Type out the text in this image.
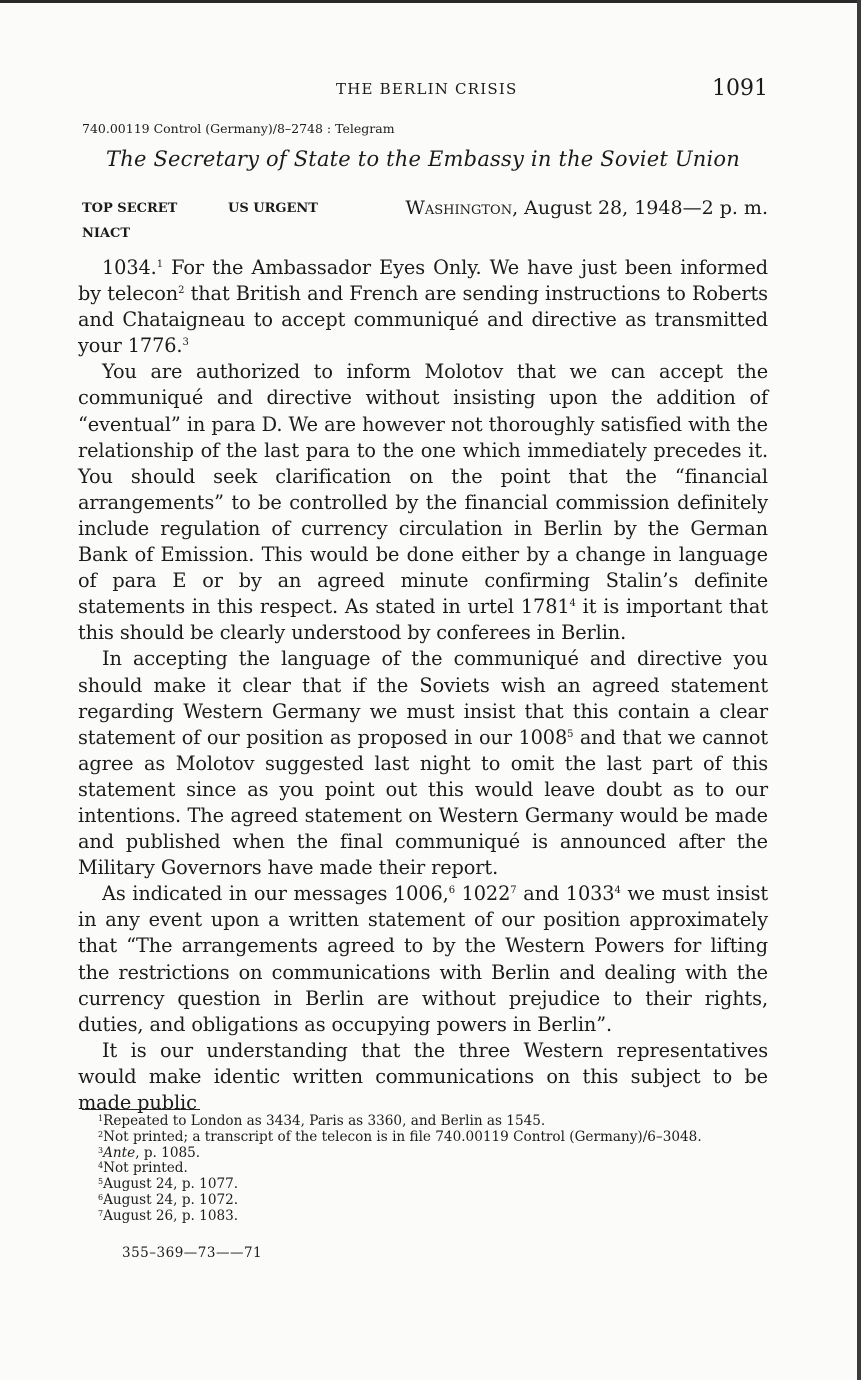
THE BERLIN CRISIS	1091
740.00119 Control (Germany)/8–2748 : Telegram
The Secretary of State to the Embassy in the Soviet Union
TOP SECRET	US URGENT	Washington, August 28, 1948—2 p. m.
NIACT

1034.$^1$ For the Ambassador Eyes Only. We have just been informed by telecon$^2$ that British and French are sending instructions to Roberts and Chataigneau to accept communiqué and directive as transmitted your 1776.$^3$

You are authorized to inform Molotov that we can accept the communiqué and directive without insisting upon the addition of “eventual” in para D. We are however not thoroughly satisfied with the relationship of the last para to the one which immediately precedes it. You should seek clarification on the point that the “financial arrangements” to be controlled by the financial commission definitely include regulation of currency circulation in Berlin by the German Bank of Emission. This would be done either by a change in language of para E or by an agreed minute confirming Stalin’s definite statements in this respect. As stated in urtel 1781$^4$ it is important that this should be clearly understood by conferees in Berlin.

In accepting the language of the communiqué and directive you should make it clear that if the Soviets wish an agreed statement regarding Western Germany we must insist that this contain a clear statement of our position as proposed in our 1008$^5$ and that we cannot agree as Molotov suggested last night to omit the last part of this statement since as you point out this would leave doubt as to our intentions. The agreed statement on Western Germany would be made and published when the final communiqué is announced after the Military Governors have made their report.

As indicated in our messages 1006,$^6$ 1022$^7$ and 1033$^4$ we must insist in any event upon a written statement of our position approximately that “The arrangements agreed to by the Western Powers for lifting the restrictions on communications with Berlin and dealing with the currency question in Berlin are without prejudice to their rights, duties, and obligations as occupying powers in Berlin”.

It is our understanding that the three Western representatives would make identic written communications on this subject to be made public

$^1$Repeated to London as 3434, Paris as 3360, and Berlin as 1545.

$^2$Not printed; a transcript of the telecon is in file 740.00119 Control (Germany)/6–3048.

$^3$Ante, p. 1085.

$^4$Not printed.

$^5$August 24, p. 1077.

$^6$August 24, p. 1072.

$^7$August 26, p. 1083.

355–369—73——71
